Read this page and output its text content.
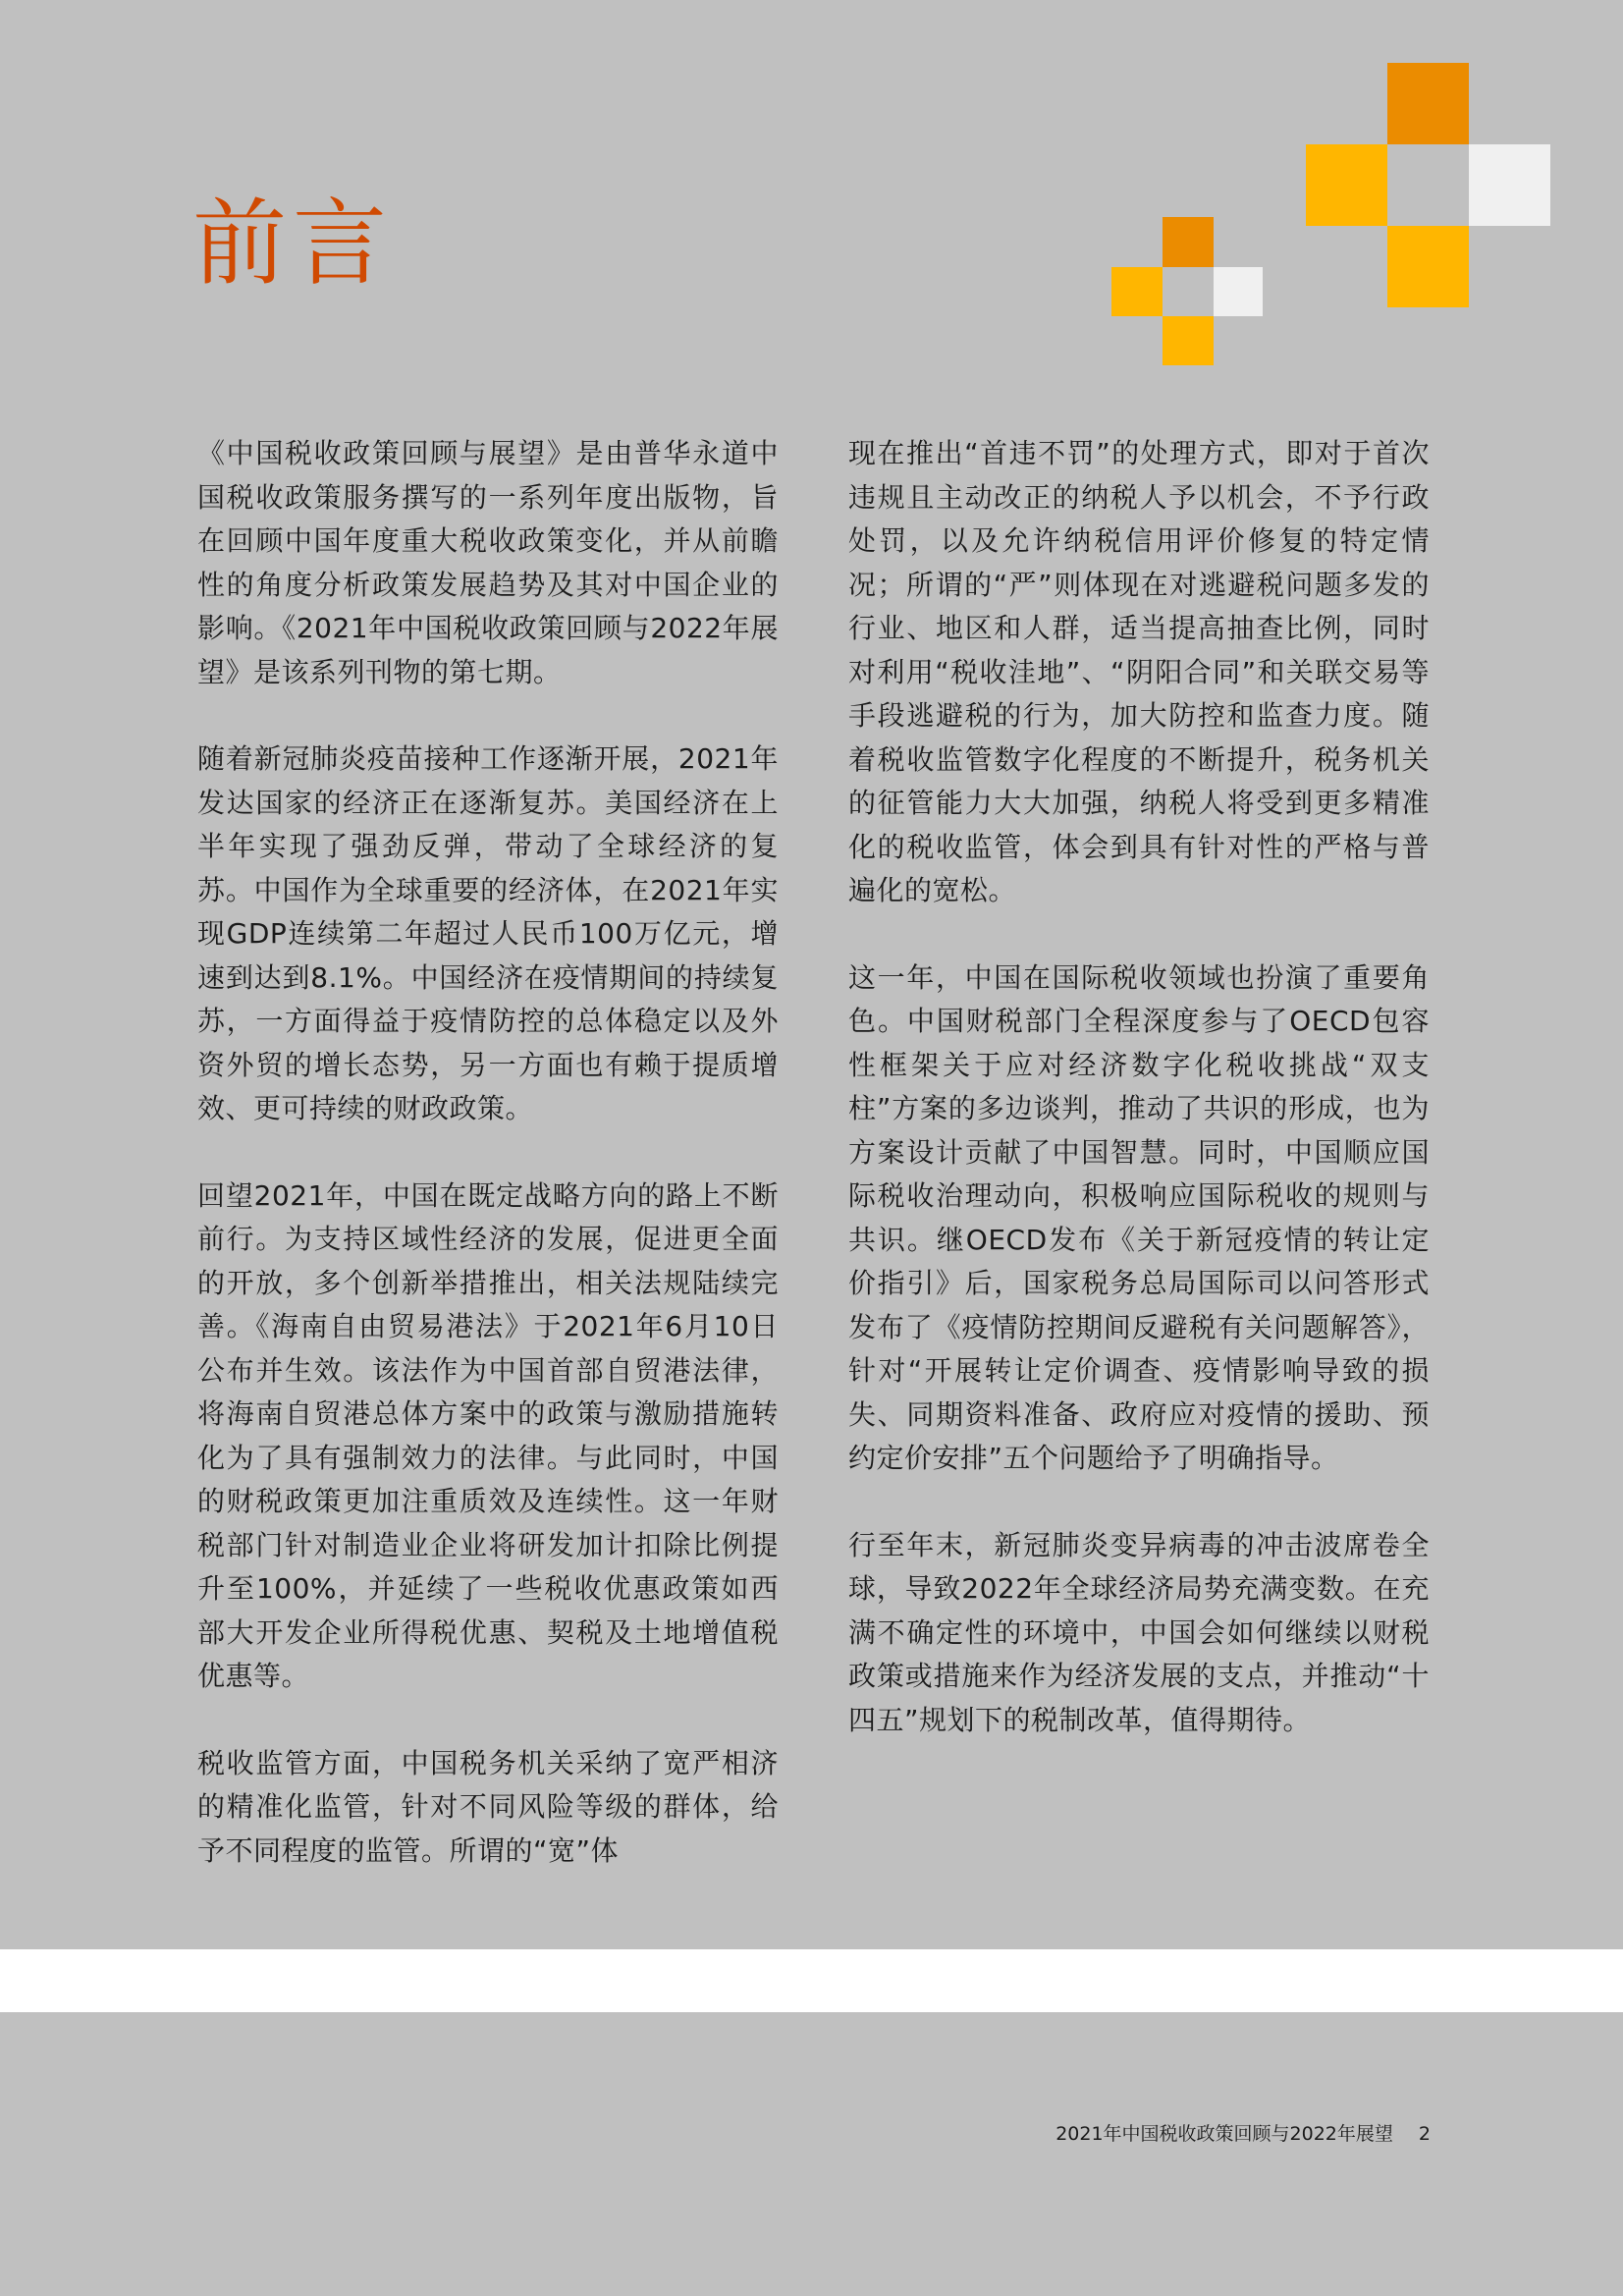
前言

《中国税收政策回顾与展望》是由普华永道中国税收政策服务撰写的一系列年度出版物，旨在回顾中国年度重大税收政策变化，并从前瞻性的角度分析政策发展趋势及其对中国企业的影响。《2021年中国税收政策回顾与2022年展望》是该系列刊物的第七期。

随着新冠肺炎疫苗接种工作逐渐开展，2021年发达国家的经济正在逐渐复苏。美国经济在上半年实现了强劲反弹，带动了全球经济的复苏。中国作为全球重要的经济体，在2021年实现GDP连续第二年超过人民币100万亿元，增速到达到8.1%。中国经济在疫情期间的持续复苏，一方面得益于疫情防控的总体稳定以及外资外贸的增长态势，另一方面也有赖于提质增效、更可持续的财政政策。

回望2021年，中国在既定战略方向的路上不断前行。为支持区域性经济的发展，促进更全面的开放，多个创新举措推出，相关法规陆续完善。《海南自由贸易港法》于2021年6月10日公布并生效。该法作为中国首部自贸港法律，将海南自贸港总体方案中的政策与激励措施转化为了具有强制效力的法律。与此同时，中国的财税政策更加注重质效及连续性。这一年财税部门针对制造业企业将研发加计扣除比例提升至100%，并延续了一些税收优惠政策如西部大开发企业所得税优惠、契税及土地增值税优惠等。

税收监管方面，中国税务机关采纳了宽严相济的精准化监管，针对不同风险等级的群体，给予不同程度的监管。所谓的“宽”体

现在推出“首违不罚”的处理方式，即对于首次违规且主动改正的纳税人予以机会，不予行政处罚，以及允许纳税信用评价修复的特定情况；所谓的“严”则体现在对逃避税问题多发的行业、地区和人群，适当提高抽查比例，同时对利用“税收洼地”、“阴阳合同”和关联交易等手段逃避税的行为，加大防控和监查力度。随着税收监管数字化程度的不断提升，税务机关的征管能力大大加强，纳税人将受到更多精准化的税收监管，体会到具有针对性的严格与普遍化的宽松。

这一年，中国在国际税收领域也扮演了重要角色。中国财税部门全程深度参与了OECD包容性框架关于应对经济数字化税收挑战“双支柱”方案的多边谈判，推动了共识的形成，也为方案设计贡献了中国智慧。同时，中国顺应国际税收治理动向，积极响应国际税收的规则与共识。继OECD发布《关于新冠疫情的转让定价指引》后，国家税务总局国际司以问答形式发布了《疫情防控期间反避税有关问题解答》，针对“开展转让定价调查、疫情影响导致的损失、同期资料准备、政府应对疫情的援助、预约定价安排”五个问题给予了明确指导。

行至年末，新冠肺炎变异病毒的冲击波席卷全球，导致2022年全球经济局势充满变数。在充满不确定性的环境中，中国会如何继续以财税政策或措施来作为经济发展的支点，并推动“十四五”规划下的税制改革，值得期待。

2021年中国税收政策回顾与2022年展望 2
